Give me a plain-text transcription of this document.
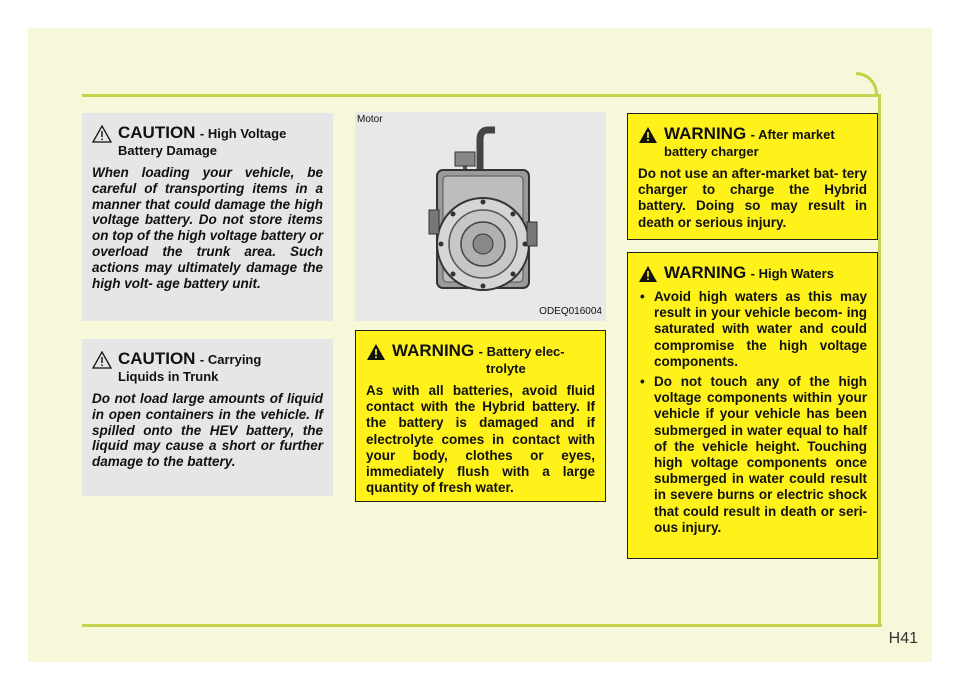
H41
CAUTION - High Voltage
Battery Damage
When loading your vehicle, be careful of transporting items in a manner that could damage the high voltage battery. Do not store items on top of the high voltage battery or overload the trunk area. Such actions may ultimately damage the high volt- age battery unit.
CAUTION - Carrying
Liquids in Trunk
Do not load large amounts of liquid in open containers in the vehicle. If spilled onto the HEV battery, the liquid may cause a short or further damage to the battery.
Motor
ODEQ016004
WARNING - Battery elec-
trolyte
As with all batteries, avoid fluid contact with the Hybrid battery. If the battery is damaged and if electrolyte comes in contact with your body, clothes or eyes, immediately flush with a large quantity of fresh water.
WARNING - After market
battery charger
Do not use an after-market bat- tery charger to charge the Hybrid battery. Doing so may result in death or serious injury.
WARNING - High Waters
• Avoid high waters as this may result in your vehicle becom- ing saturated with water and could compromise the high voltage components.
• Do not touch any of the high voltage components within your vehicle if your vehicle has been submerged in water equal to half of the vehicle height. Touching high voltage components once submerged in water could result in severe burns or electric shock that could result in death or seri- ous injury.
